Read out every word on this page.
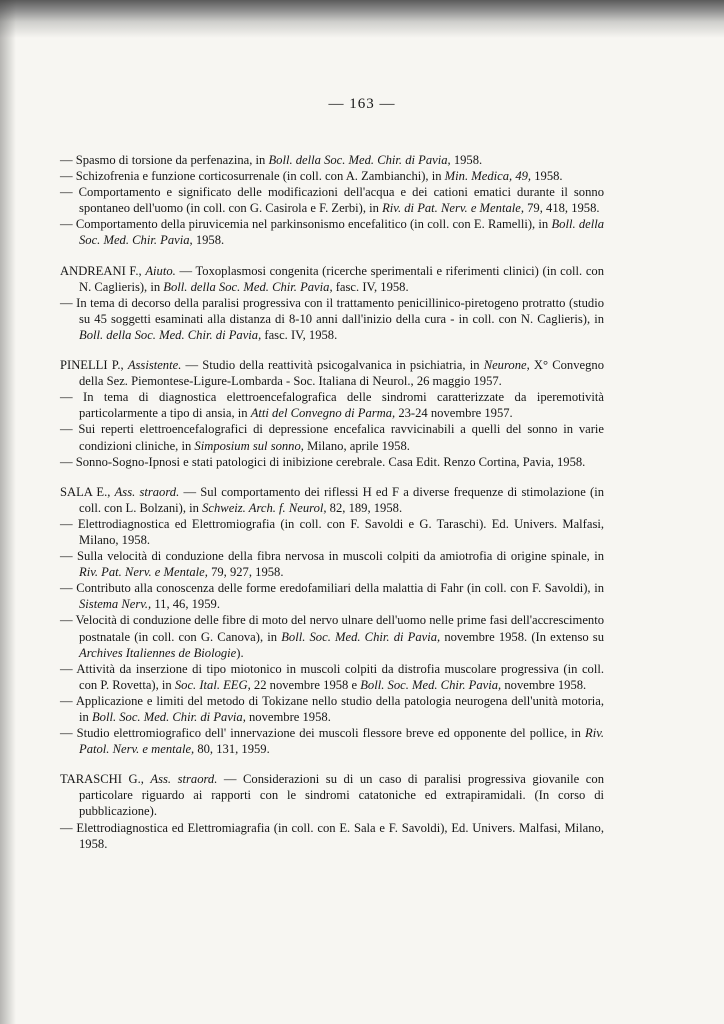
— 163 —
— Spasmo di torsione da perfenazina, in Boll. della Soc. Med. Chir. di Pavia, 1958.
— Schizofrenia e funzione corticosurrenale (in coll. con A. Zambianchi), in Min. Medica, 49, 1958.
— Comportamento e significato delle modificazioni dell'acqua e dei cationi ematici durante il sonno spontaneo dell'uomo (in coll. con G. Casirola e F. Zerbi), in Riv. di Pat. Nerv. e Mentale, 79, 418, 1958.
— Comportamento della piruvicemia nel parkinsonismo encefalitico (in coll. con E. Ramelli), in Boll. della Soc. Med. Chir. Pavia, 1958.
ANDREANI F., Aiuto. — Toxoplasmosi congenita (ricerche sperimentali e riferimenti clinici) (in coll. con N. Caglieris), in Boll. della Soc. Med. Chir. Pavia, fasc. IV, 1958.
— In tema di decorso della paralisi progressiva con il trattamento penicillinico-piretogeno protratto (studio su 45 soggetti esaminati alla distanza di 8-10 anni dall'inizio della cura - in coll. con N. Caglieris), in Boll. della Soc. Med. Chir. di Pavia, fasc. IV, 1958.
PINELLI P., Assistente. — Studio della reattività psicogalvanica in psichiatria, in Neurone, X° Convegno della Sez. Piemontese-Ligure-Lombarda - Soc. Italiana di Neurol., 26 maggio 1957.
— In tema di diagnostica elettroencefalografica delle sindromi caratterizzate da iperemotività particolarmente a tipo di ansia, in Atti del Convegno di Parma, 23-24 novembre 1957.
— Sui reperti elettroencefalografici di depressione encefalica ravvicinabili a quelli del sonno in varie condizioni cliniche, in Simposium sul sonno, Milano, aprile 1958.
— Sonno-Sogno-Ipnosi e stati patologici di inibizione cerebrale. Casa Edit. Renzo Cortina, Pavia, 1958.
SALA E., Ass. straord. — Sul comportamento dei riflessi H ed F a diverse frequenze di stimolazione (in coll. con L. Bolzani), in Schweiz. Arch. f. Neurol, 82, 189, 1958.
— Elettrodiagnostica ed Elettromiografia (in coll. con F. Savoldi e G. Taraschi). Ed. Univers. Malfasi, Milano, 1958.
— Sulla velocità di conduzione della fibra nervosa in muscoli colpiti da amiotrofia di origine spinale, in Riv. Pat. Nerv. e Mentale, 79, 927, 1958.
— Contributo alla conoscenza delle forme eredofamiliari della malattia di Fahr (in coll. con F. Savoldi), in Sistema Nerv., 11, 46, 1959.
— Velocità di conduzione delle fibre di moto del nervo ulnare dell'uomo nelle prime fasi dell'accrescimento postnatale (in coll. con G. Canova), in Boll. Soc. Med. Chir. di Pavia, novembre 1958. (In extenso su Archives Italiennes de Biologie).
— Attività da inserzione di tipo miotonico in muscoli colpiti da distrofia muscolare progressiva (in coll. con P. Rovetta), in Soc. Ital. EEG, 22 novembre 1958 e Boll. Soc. Med. Chir. Pavia, novembre 1958.
— Applicazione e limiti del metodo di Tokizane nello studio della patologia neurogena dell'unità motoria, in Boll. Soc. Med. Chir. di Pavia, novembre 1958.
— Studio elettromiografico dell' innervazione dei muscoli flessore breve ed opponente del pollice, in Riv. Patol. Nerv. e mentale, 80, 131, 1959.
TARASCHI G., Ass. straord. — Considerazioni su di un caso di paralisi progressiva giovanile con particolare riguardo ai rapporti con le sindromi catatoniche ed extrapiramidali. (In corso di pubblicazione).
— Elettrodiagnostica ed Elettromiagrafia (in coll. con E. Sala e F. Savoldi), Ed. Univers. Malfasi, Milano, 1958.
